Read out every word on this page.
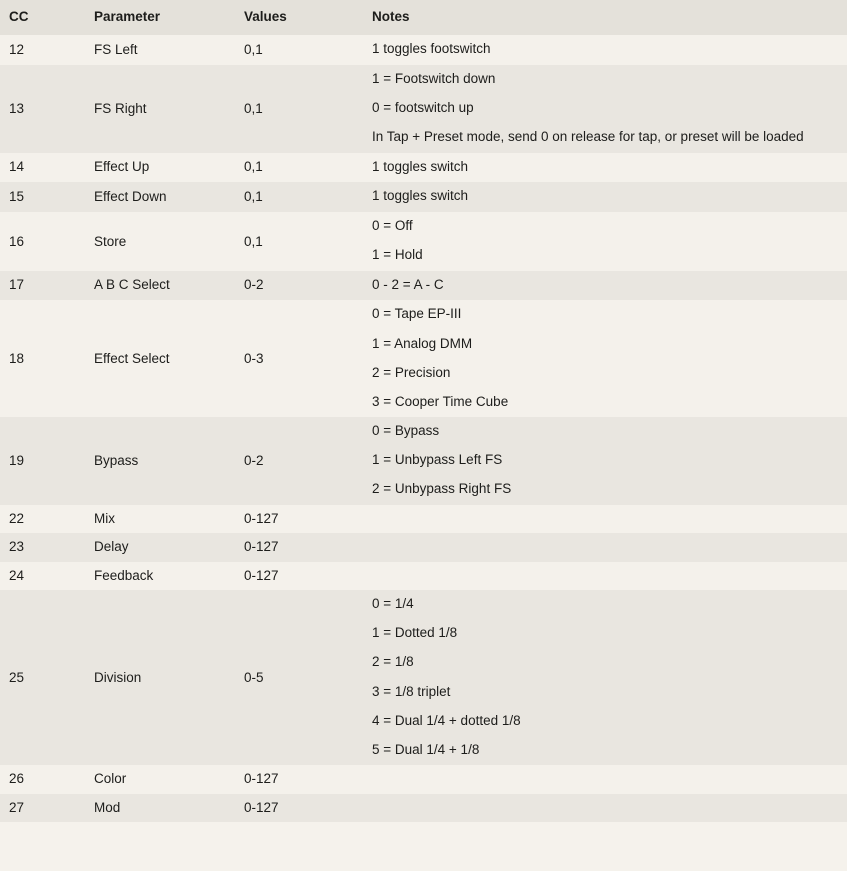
CC	Parameter	Values	Notes
12	FS Left	0,1	1 toggles footswitch

13	FS Right	0,1	1 = Footswitch down
0 = footswitch up
In Tap + Preset mode, send 0 on release for tap, or preset will be loaded

14	Effect Up	0,1	1 toggles switch

15	Effect Down	0,1	1 toggles switch

16	Store	0,1	0 = Off
1 = Hold

17	A B C Select	0-2	0 - 2 = A - C

18	Effect Select	0-3	0 = Tape EP-III
1 = Analog DMM
2 = Precision
3 = Cooper Time Cube

19	Bypass	0-2	0 = Bypass
1 = Unbypass Left FS
2 = Unbypass Right FS

22	Mix	0-127	
23	Delay	0-127	
24	Feedback	0-127	
25	Division	0-5	
0 = 1/4
1 = Dotted 1/8
2 = 1/8
3 = 1/8 triplet
4 = Dual 1/4 + dotted 1/8
5 = Dual 1/4 + 1/8

26	Color	0-127	
27	Mod	0-127	
